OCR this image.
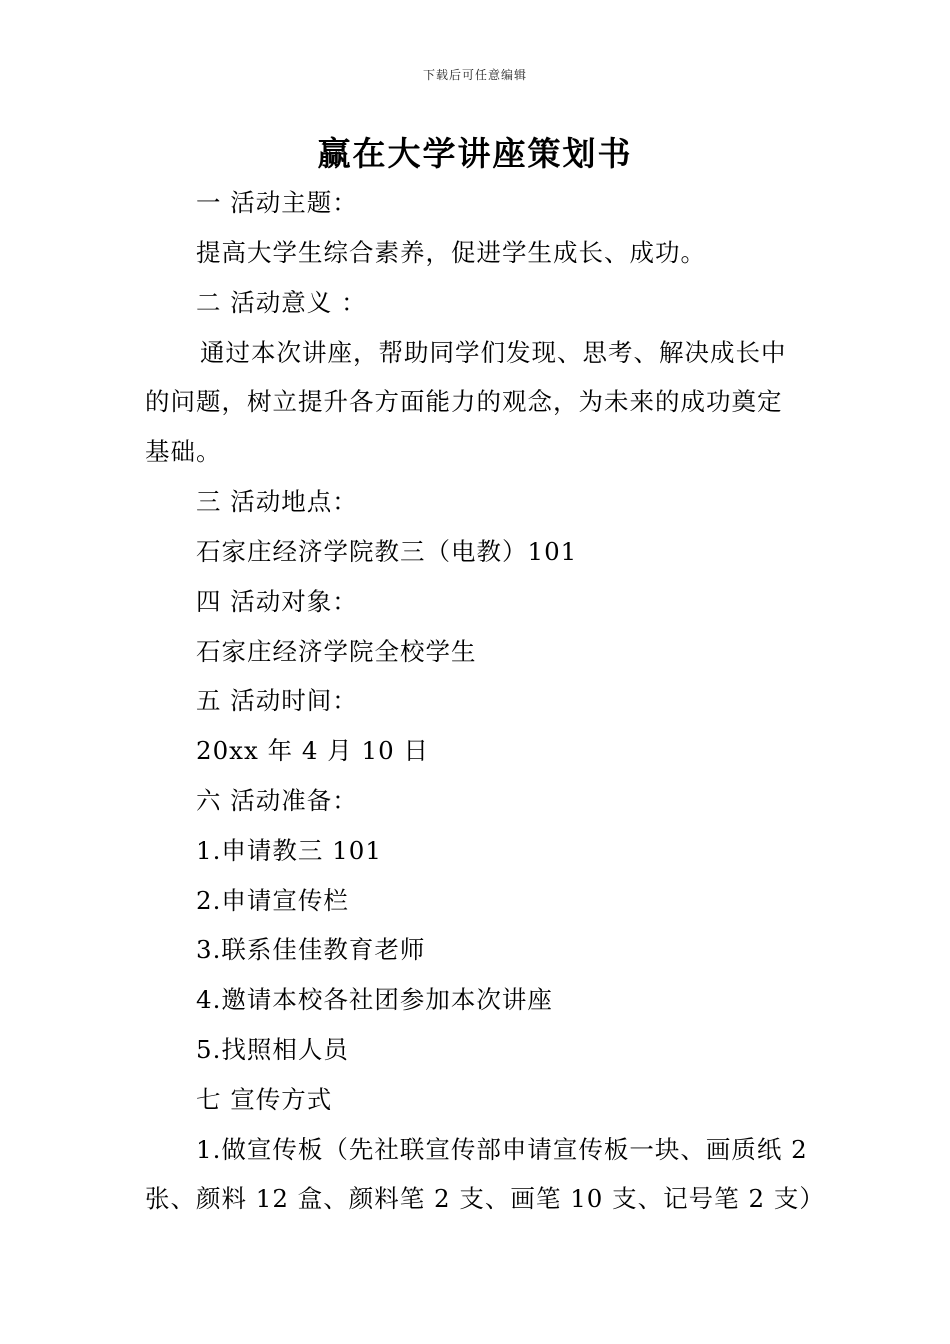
下载后可任意编辑
赢在大学讲座策划书
一 活动主题：
提高大学生综合素养，促进学生成长、成功。
二 活动意义 ：
通过本次讲座，帮助同学们发现、思考、解决成长中
的问题，树立提升各方面能力的观念，为未来的成功奠定
基础。
三 活动地点：
石家庄经济学院教三（电教）101
四 活动对象：
石家庄经济学院全校学生
五 活动时间：
20xx 年 4 月 10 日
六 活动准备：
1.申请教三 101
2.申请宣传栏
3.联系佳佳教育老师
4.邀请本校各社团参加本次讲座
5.找照相人员
七 宣传方式
1.做宣传板（先社联宣传部申请宣传板一块、画质纸 2
张、颜料 12 盒、颜料笔 2 支、画笔 10 支、记号笔 2 支）
